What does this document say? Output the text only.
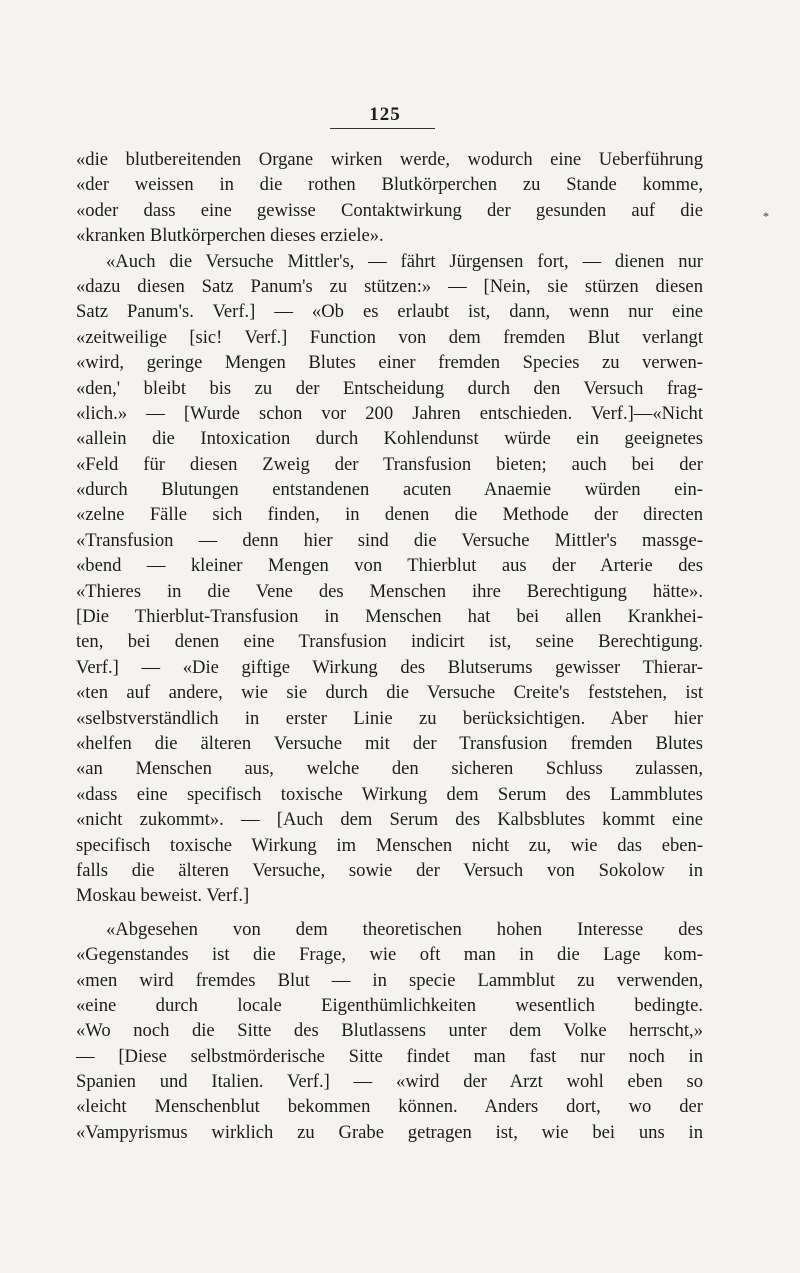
125
*
«die blutbereitenden Organe wirken werde, wodurch eine Ueberführung
«der weissen in die rothen Blutkörperchen zu Stande komme,
«oder dass eine gewisse Contaktwirkung der gesunden auf die
«kranken Blutkörperchen dieses erziele».
«Auch die Versuche Mittler's, — fährt Jürgensen fort, — dienen nur
«dazu diesen Satz Panum's zu stützen:» — [Nein, sie stürzen diesen
Satz Panum's. Verf.] — «Ob es erlaubt ist, dann, wenn nur eine
«zeitweilige [sic! Verf.] Function von dem fremden Blut verlangt
«wird, geringe Mengen Blutes einer fremden Species zu verwen-
«den,' bleibt bis zu der Entscheidung durch den Versuch frag-
«lich.» — [Wurde schon vor 200 Jahren entschieden. Verf.]—«Nicht
«allein die Intoxication durch Kohlendunst würde ein geeignetes
«Feld für diesen Zweig der Transfusion bieten; auch bei der
«durch Blutungen entstandenen acuten Anaemie würden ein-
«zelne Fälle sich finden, in denen die Methode der directen
«Transfusion — denn hier sind die Versuche Mittler's massge-
«bend — kleiner Mengen von Thierblut aus der Arterie des
«Thieres in die Vene des Menschen ihre Berechtigung hätte».
[Die Thierblut-Transfusion in Menschen hat bei allen Krankhei-
ten, bei denen eine Transfusion indicirt ist, seine Berechtigung.
Verf.] — «Die giftige Wirkung des Blutserums gewisser Thierar-
«ten auf andere, wie sie durch die Versuche Creite's feststehen, ist
«selbstverständlich in erster Linie zu berücksichtigen. Aber hier
«helfen die älteren Versuche mit der Transfusion fremden Blutes
«an Menschen aus, welche den sicheren Schluss zulassen,
«dass eine specifisch toxische Wirkung dem Serum des Lammblutes
«nicht zukommt». — [Auch dem Serum des Kalbsblutes kommt eine
specifisch toxische Wirkung im Menschen nicht zu, wie das eben-
falls die älteren Versuche, sowie der Versuch von Sokolow in
Moskau beweist. Verf.]
«Abgesehen von dem theoretischen hohen Interesse des
«Gegenstandes ist die Frage, wie oft man in die Lage kom-
«men wird fremdes Blut — in specie Lammblut zu verwenden,
«eine durch locale Eigenthümlichkeiten wesentlich bedingte.
«Wo noch die Sitte des Blutlassens unter dem Volke herrscht,»
— [Diese selbstmörderische Sitte findet man fast nur noch in
Spanien und Italien. Verf.] — «wird der Arzt wohl eben so
«leicht Menschenblut bekommen können. Anders dort, wo der
«Vampyrismus wirklich zu Grabe getragen ist, wie bei uns in
